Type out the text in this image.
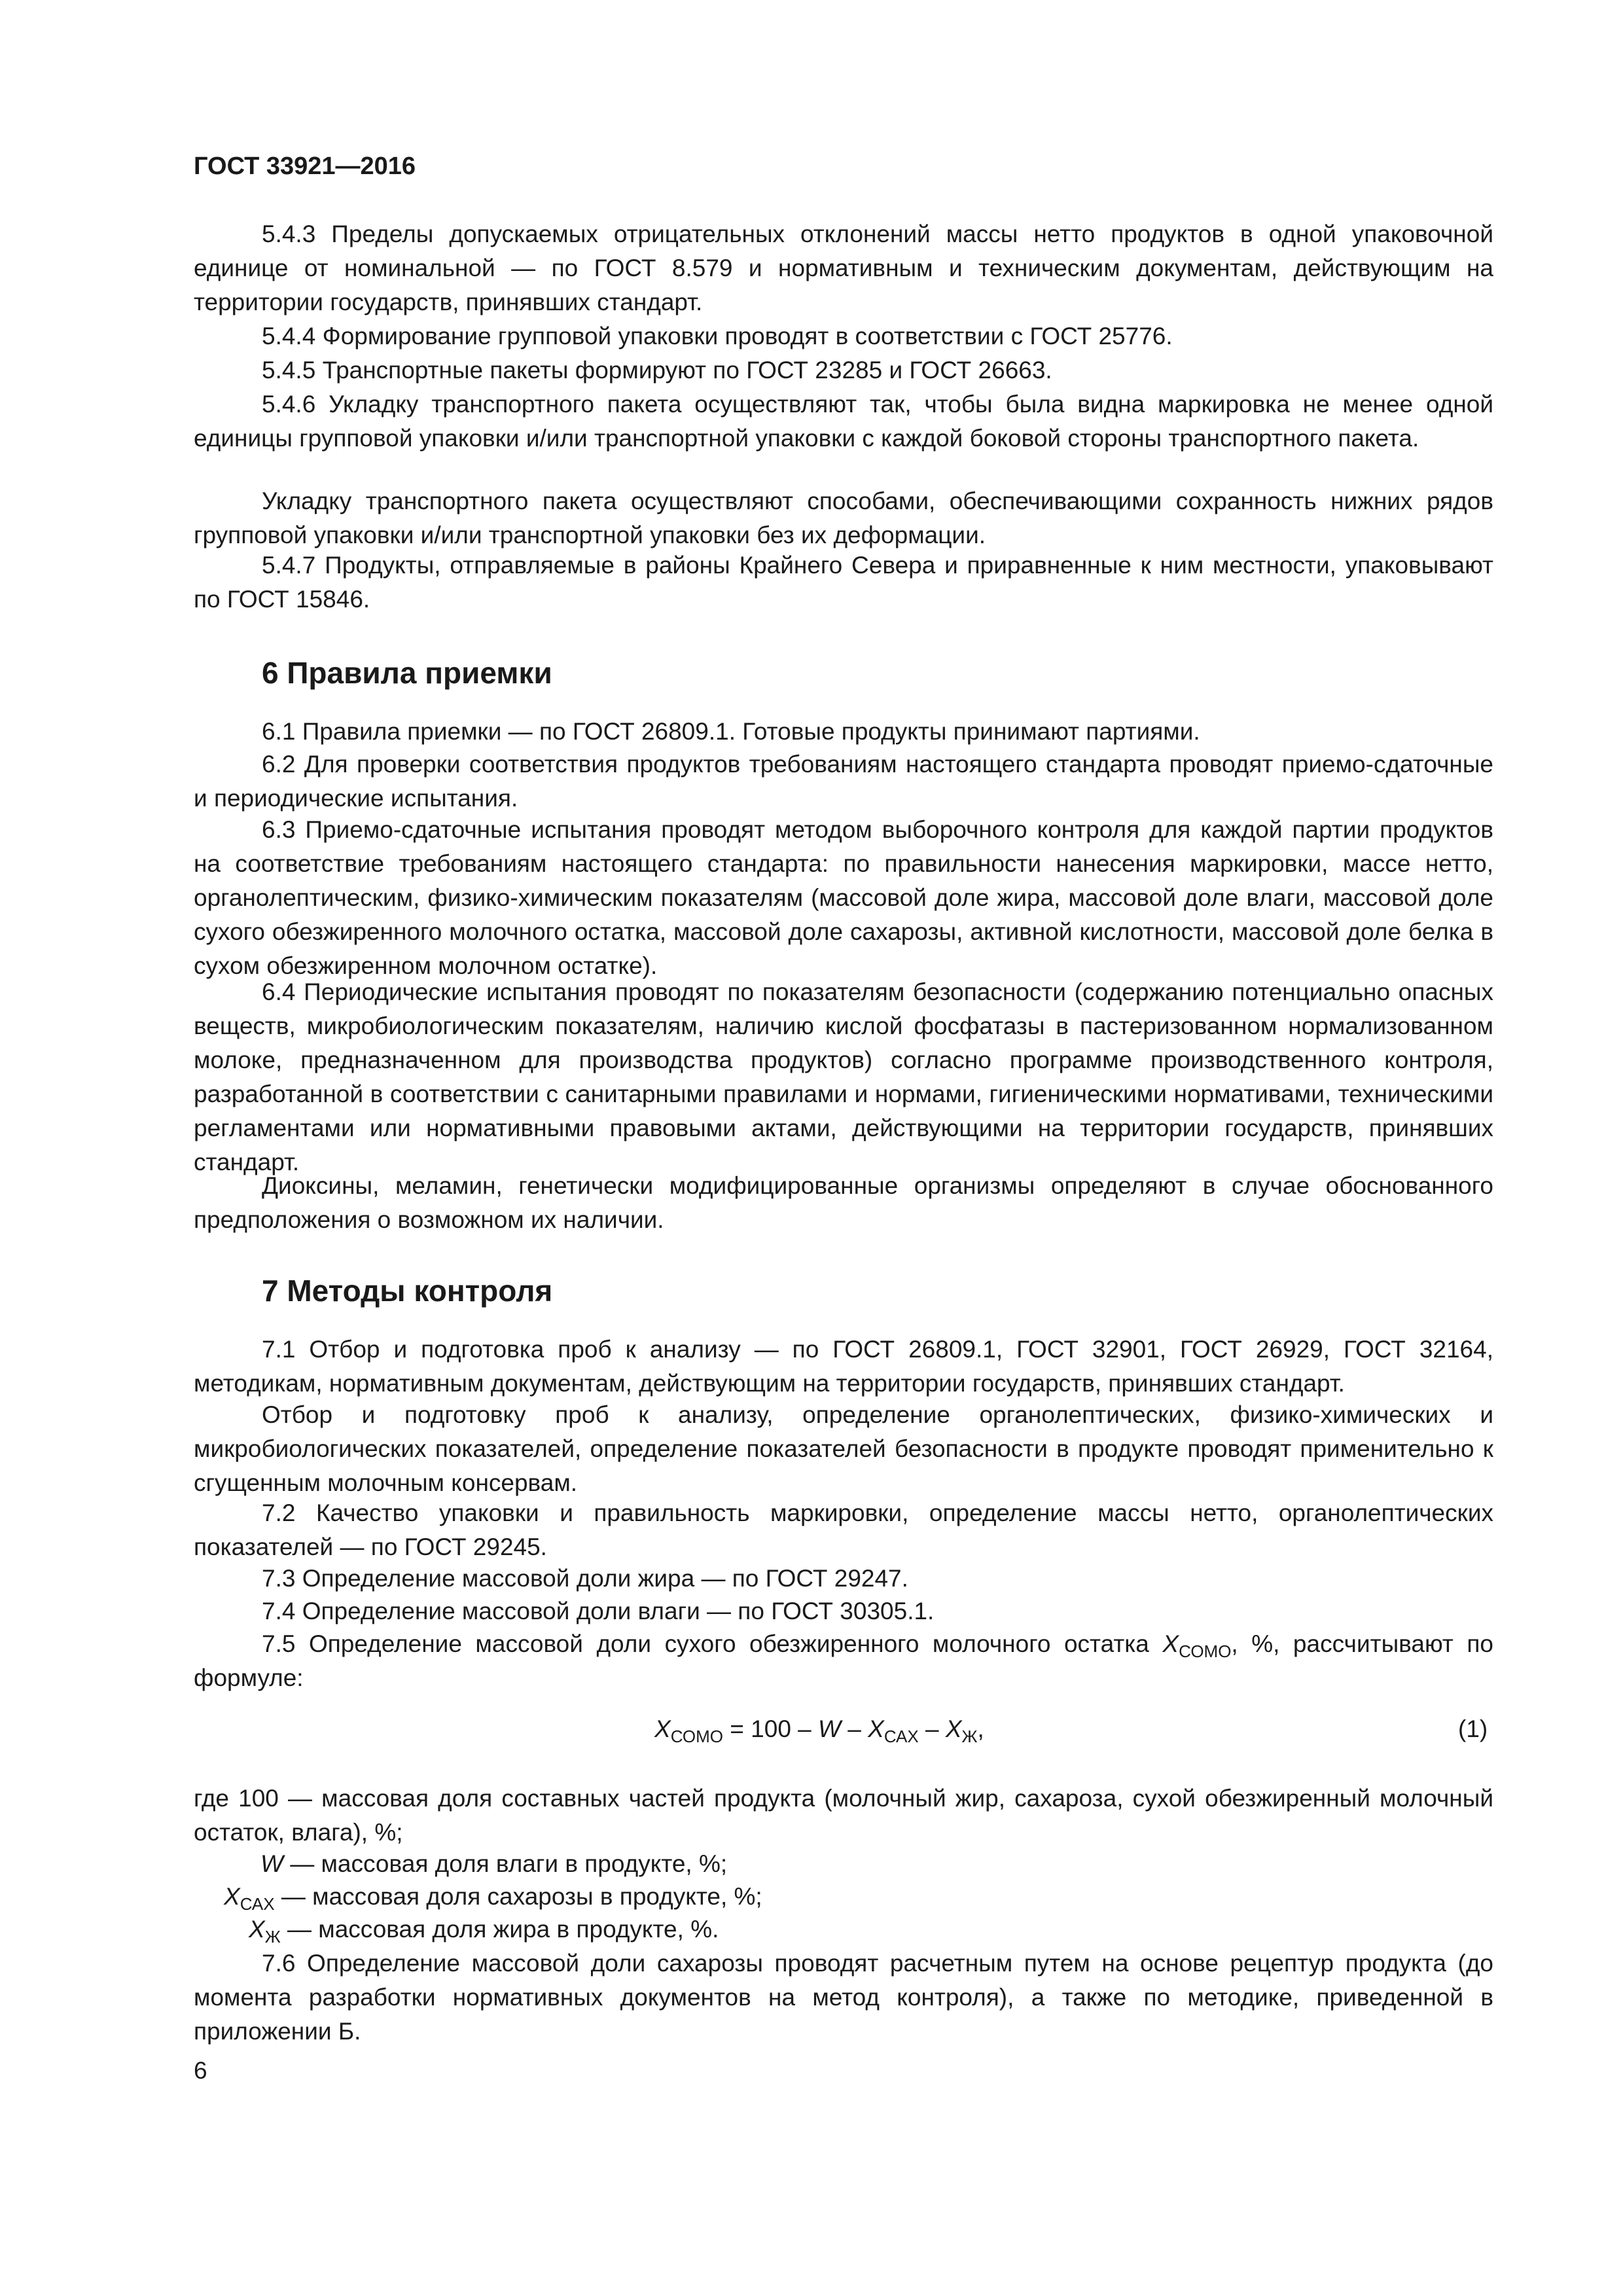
ГОСТ 33921—2016

5.4.3 Пределы допускаемых отрицательных отклонений массы нетто продуктов в одной упаковочной единице от номинальной — по ГОСТ 8.579 и нормативным и техническим документам, действующим на территории государств, принявших стандарт.

5.4.4 Формирование групповой упаковки проводят в соответствии с ГОСТ 25776.

5.4.5 Транспортные пакеты формируют по ГОСТ 23285 и ГОСТ 26663.

5.4.6 Укладку транспортного пакета осуществляют так, чтобы была видна маркировка не менее одной единицы групповой упаковки и/или транспортной упаковки с каждой боковой стороны транспортного пакета.

Укладку транспортного пакета осуществляют способами, обеспечивающими сохранность нижних рядов групповой упаковки и/или транспортной упаковки без их деформации.

5.4.7 Продукты, отправляемые в районы Крайнего Севера и приравненные к ним местности, упаковывают по ГОСТ 15846.

6 Правила приемки

6.1 Правила приемки — по ГОСТ 26809.1. Готовые продукты принимают партиями.

6.2 Для проверки соответствия продуктов требованиям настоящего стандарта проводят приемо-сдаточные и периодические испытания.

6.3 Приемо-сдаточные испытания проводят методом выборочного контроля для каждой партии продуктов на соответствие требованиям настоящего стандарта: по правильности нанесения маркировки, массе нетто, органолептическим, физико-химическим показателям (массовой доле жира, массовой доле влаги, массовой доле сухого обезжиренного молочного остатка, массовой доле сахарозы, активной кислотности, массовой доле белка в сухом обезжиренном молочном остатке).

6.4 Периодические испытания проводят по показателям безопасности (содержанию потенциально опасных веществ, микробиологическим показателям, наличию кислой фосфатазы в пастеризованном нормализованном молоке, предназначенном для производства продуктов) согласно программе производственного контроля, разработанной в соответствии с санитарными правилами и нормами, гигиеническими нормативами, техническими регламентами или нормативными правовыми актами, действующими на территории государств, принявших стандарт.

Диоксины, меламин, генетически модифицированные организмы определяют в случае обоснованного предположения о возможном их наличии.

7 Методы контроля

7.1 Отбор и подготовка проб к анализу — по ГОСТ 26809.1, ГОСТ 32901, ГОСТ 26929, ГОСТ 32164, методикам, нормативным документам, действующим на территории государств, принявших стандарт.

Отбор и подготовку проб к анализу, определение органолептических, физико-химических и микробиологических показателей, определение показателей безопасности в продукте проводят применительно к сгущенным молочным консервам.

7.2 Качество упаковки и правильность маркировки, определение массы нетто, органолептических показателей — по ГОСТ 29245.

7.3 Определение массовой доли жира — по ГОСТ 29247.

7.4 Определение массовой доли влаги — по ГОСТ 30305.1.

7.5 Определение массовой доли сухого обезжиренного молочного остатка $X_{СОМО}$, %, рассчитывают по формуле:

$X_{СОМО} = 100 - W - X_{САХ} - X_Ж$,	(1)

где 100 — массовая доля составных частей продукта (молочный жир, сахароза, сухой обезжиренный молочный остаток, влага), %;

W — массовая доля влаги в продукте, %;
$X_{САХ}$ — массовая доля сахарозы в продукте, %;
$X_Ж$ — массовая доля жира в продукте, %.

7.6 Определение массовой доли сахарозы проводят расчетным путем на основе рецептур продукта (до момента разработки нормативных документов на метод контроля), а также по методике, приведенной в приложении Б.

6
